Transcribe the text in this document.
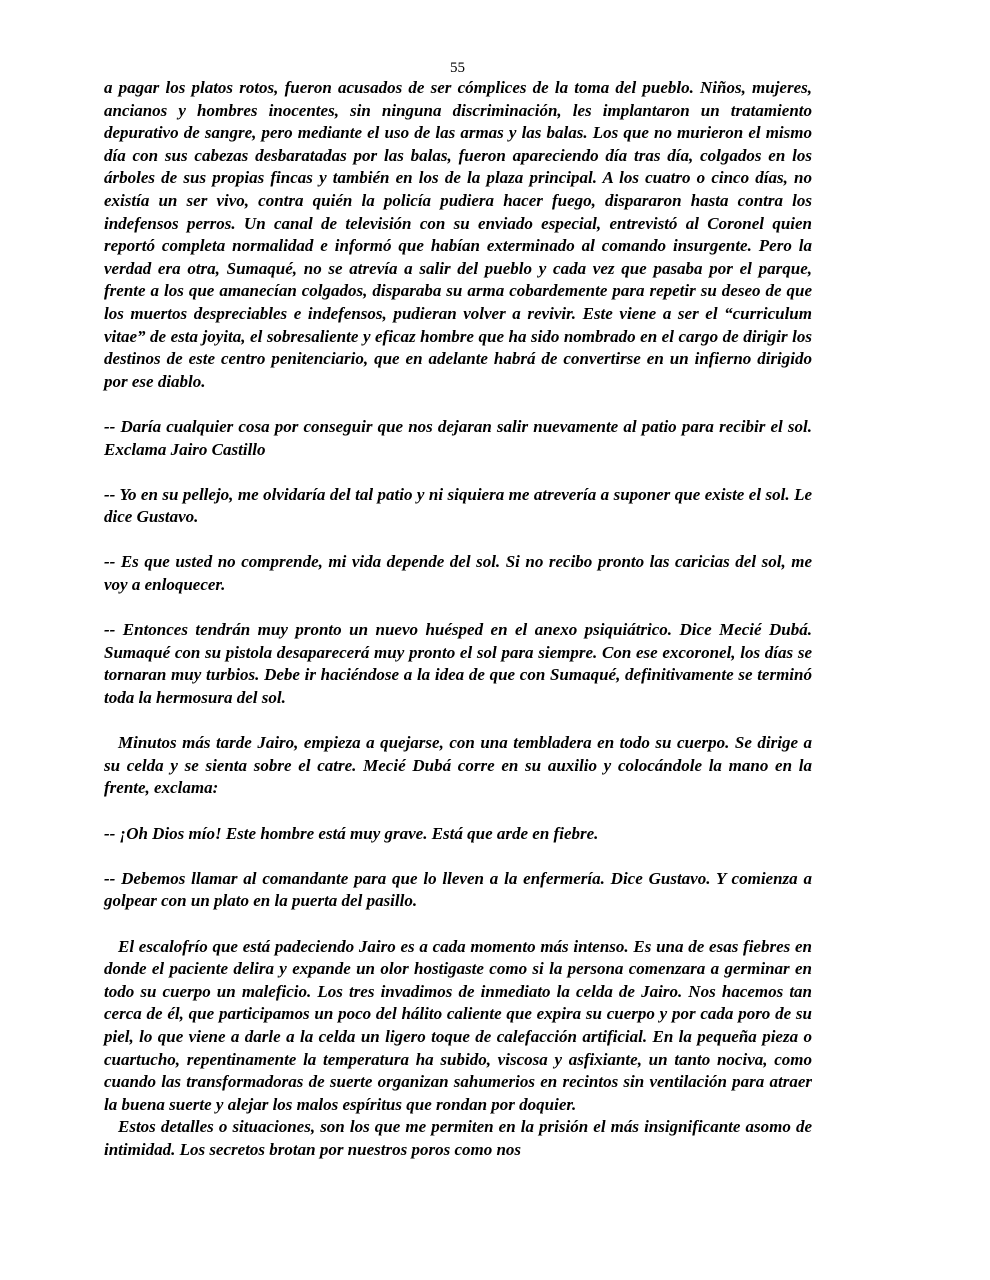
55

a pagar los platos rotos, fueron acusados de ser cómplices de la toma del pueblo. Niños, mujeres, ancianos y hombres inocentes, sin ninguna discriminación, les implantaron un tratamiento depurativo de sangre, pero mediante el uso de las armas y las balas. Los que no murieron el mismo día con sus cabezas desbaratadas por las balas, fueron apareciendo día tras día, colgados en los árboles de sus propias fincas y también en los de la plaza principal. A los cuatro o cinco días, no existía un ser vivo, contra quién la policía pudiera hacer fuego, dispararon hasta contra los indefensos perros. Un canal de televisión con su enviado especial, entrevistó al Coronel quien reportó completa normalidad e informó que habían exterminado al comando insurgente. Pero la verdad era otra, Sumaqué, no se atrevía a salir del pueblo y cada vez que pasaba por el parque, frente a los que amanecían colgados, disparaba su arma cobardemente para repetir su deseo de que los muertos despreciables e indefensos, pudieran volver a revivir. Este viene a ser el “curriculum vitae” de esta joyita, el sobresaliente y eficaz hombre que ha sido nombrado en el cargo de dirigir los destinos de este centro penitenciario, que en adelante habrá de convertirse en un infierno dirigido por ese diablo.

-- Daría cualquier cosa por conseguir que nos dejaran salir nuevamente al patio para recibir el sol. Exclama Jairo Castillo

-- Yo en su pellejo, me olvidaría del tal patio y ni siquiera me atrevería a suponer que existe el sol. Le dice Gustavo.

-- Es que usted no comprende, mi vida depende del sol. Si no recibo pronto las caricias del sol, me voy a enloquecer.

-- Entonces tendrán muy pronto un nuevo huésped en el anexo psiquiátrico. Dice Mecié Dubá. Sumaqué con su pistola desaparecerá muy pronto el sol para siempre. Con ese excoronel, los días se tornaran muy turbios. Debe ir haciéndose a la idea de que con Sumaqué, definitivamente se terminó toda la hermosura del sol.

Minutos más tarde Jairo, empieza a quejarse, con una tembladera en todo su cuerpo. Se dirige a su celda y se sienta sobre el catre. Mecié Dubá corre en su auxilio y colocándole la mano en la frente, exclama:

-- ¡Oh Dios mío! Este hombre está muy grave. Está que arde en fiebre.

-- Debemos llamar al comandante para que lo lleven a la enfermería. Dice Gustavo. Y comienza a golpear con un plato en la puerta del pasillo.

El escalofrío que está padeciendo Jairo es a cada momento más intenso. Es una de esas fiebres en donde el paciente delira y expande un olor hostigaste como si la persona comenzara a germinar en todo su cuerpo un maleficio. Los tres invadimos de inmediato la celda de Jairo. Nos hacemos tan cerca de él, que participamos un poco del hálito caliente que expira su cuerpo y por cada poro de su piel, lo que viene a darle a la celda un ligero toque de calefacción artificial. En la pequeña pieza o cuartucho, repentinamente la temperatura ha subido, viscosa y asfixiante, un tanto nociva, como cuando las transformadoras de suerte organizan sahumerios en recintos sin ventilación para atraer la buena suerte y alejar los malos espíritus que rondan por doquier.

Estos detalles o situaciones, son los que me permiten en la prisión el más insignificante asomo de intimidad. Los secretos brotan por nuestros poros como nos
